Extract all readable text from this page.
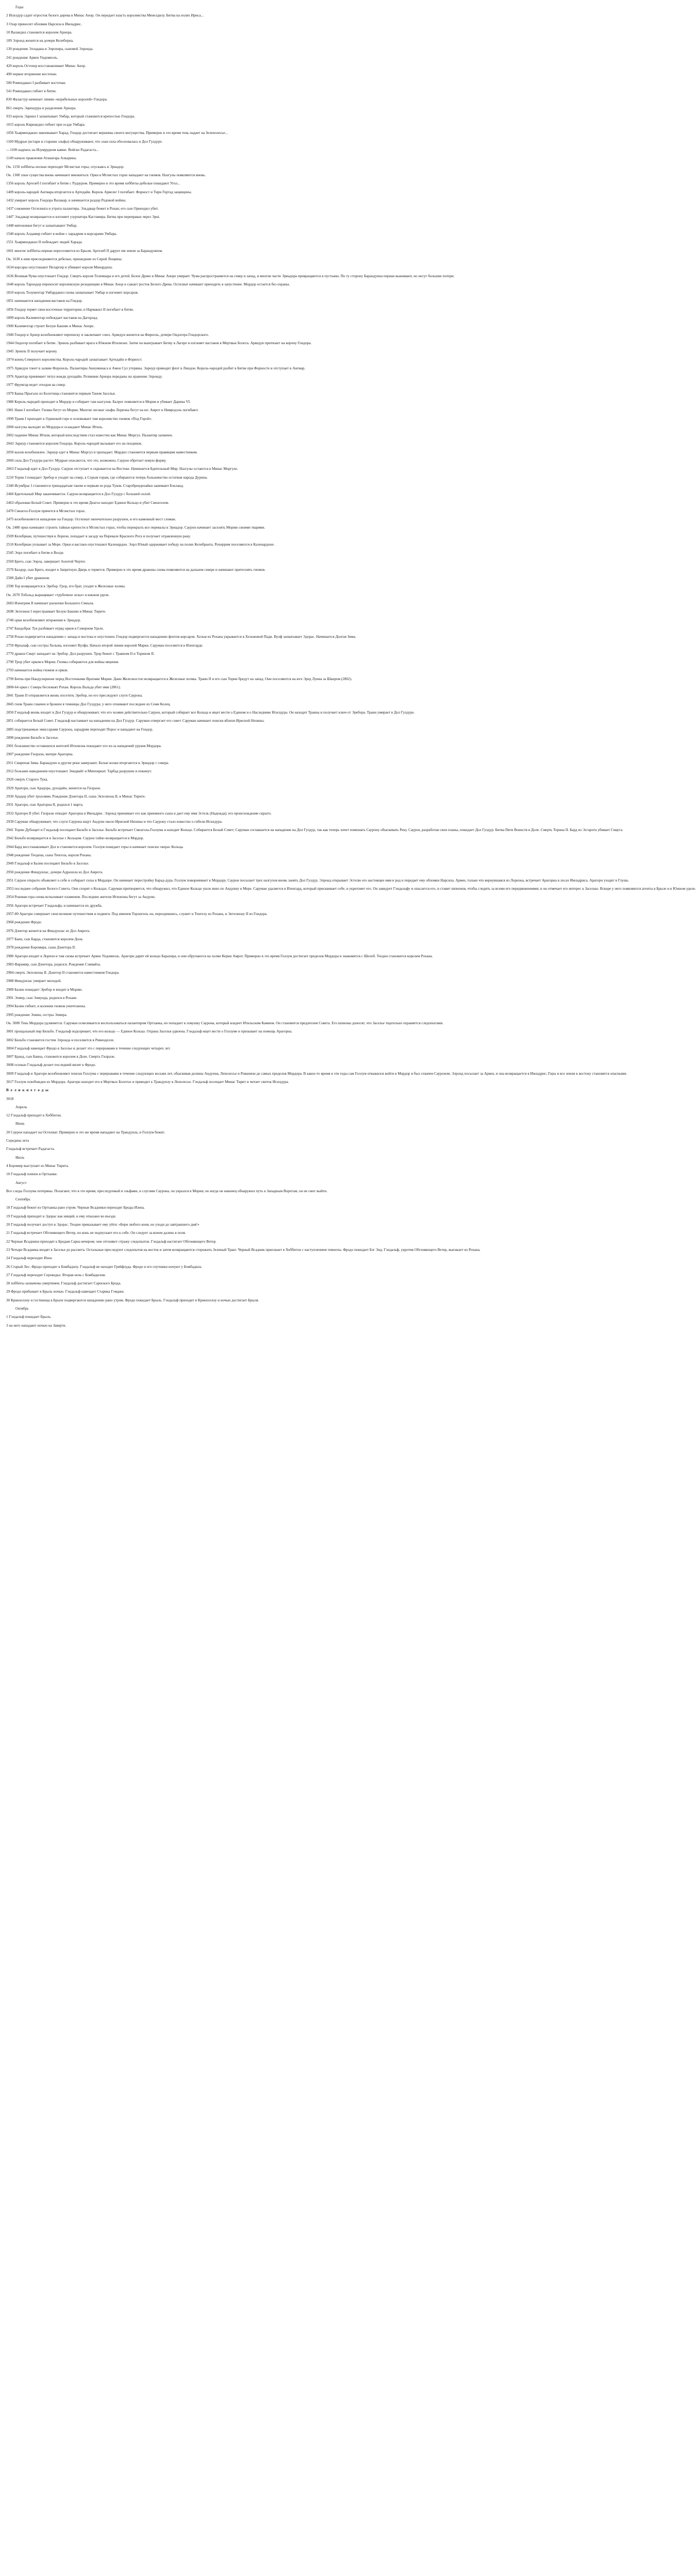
Годы
2 Исилдур садит отросток белого дерева в Минас Анор. Он передает власть королевства Менелдилу. Битва на полях Ириса...
3 Охар приносит обломки Нарсила в Имладрис.
10 Валандил становится королем Арнора.
109 Элронд женится на дочери Келеборна.
130 рождение Элладана и Элрохира, сыновей Элронда.
241 рождение Арвен Ундомиэль.
420 король Остохер восстанавливает Минас Анор.
490 первое вторжение восточан.
500 Ромендакил I разбивает восточан.
541 Ромендакил гибнет в битве.
830 Фаластур начинает линию «корабельных королей» Гондора.
861 смерть Эарендура и разделение Арнора.
933 король Эарнил I захватывает Умбар, который становится крепостью Гондора.
1015 король Кириандил гибнет при осаде Умбара.
1050 Хьярмендакил завоевывает Харад. Гондор достигает вершины своего могущества. Примерно в это время тень падает на Зеленолесье...
1100 Мудрые (истари и старшие эльфы) обнаруживают, что злая сила обосновалась в Дол Гулдуре.
—1100 надпись на Изумрудном камне. Войско Радагаста...
1149 начало правления Атанатара Алкарина.
Ок. 1150 хоббиты-лесные переходят Мглистые горы, спускаясь в Эриадор.
Ок. 1300 злые существа вновь начинают множиться. Орки в Мглистых горах нападают на гномов. Назгулы появляются вновь.
1356 король Аргелеб I погибает в битве с Рудауром. Примерно в это время хоббиты-дебелые покидают Угол...
1409 король-чародей Ангмара вторгается в Артедайн. Король Арвелег I погибает. Форност и Тирн Гортад защищены.
1432 умирает король Гондора Валакар, и начинается раздор Родовой войны.
1437 сожжение Осгилиата и утрата палантира. Эльдакар бежит в Рохан; его сын Орнендил убит.
1447 Эльдакар возвращается и изгоняет узурпатора Кастамира. Битва при переправах через Эрui.
1448 мятежники бегут и захватывают Умбар.
1540 король Алдамир гибнет в войне с харадрим и корсарами Умбара.
1551 Хьярмендакил II побеждает людей Харада.
1601 многие хоббиты-периан переселяются из Брыля; Аргелеб II дарует им земли за Барандуином.
Ок. 1630 к ним присоединяются дебелые, пришедшие из Сирой Лощины.
1634 корсары опустошают Пеларгир и убивают короля Минардила.
1636 Великая Чума опустошает Гондор. Смерть короля Телемнара и его детей. Белое Древо в Минас Аноре умирает. Чума распространяется на север и запад, и многие части Эриадора превращаются в пустыню. По ту сторону Барандуина периан выживают, но несут большие потери.
1640 король Тарондор переносит королевскую резиденцию в Минас Анор и сажает росток Белого Древа. Осгилиат начинает приходить в запустение. Мордор остается без охраны.
1810 король Телумехтар Умбардакил снова захватывает Умбар и изгоняет корсаров.
1851 начинаются нападения вастаков на Гондор.
1856 Гондор теряет свои восточные территории, и Нармакил II погибает в битве.
1899 король Калимехтар побеждает вастаков на Дагорлад.
1900 Калимехтар строит Белую Башню в Минас Аноре.
1940 Гондор и Арнор возобновляют переписку и заключают союз. Арведуи женится на Фириэль, дочери Ондогера Гондорского.
1944 Ондогер погибает в битве. Эрниль разбивает врага в Южном Итилиэне. Затем он выигрывает Битву в Лагере и изгоняет вастаков в Мертвые Болота. Арведуи притязает на корону Гондора.
1945 Эрниль II получает корону.
1974 конец Северного королевства. Король-чародей захватывает Артедайн и Форност.
1975 Арведуи тонет в заливе Форохель. Палантиры Аннуминаса и Амон Сул утеряны. Эарнур приводит флот в Линдон. Король-чародей разбит в Битве при Форносте и отступает в Ангмар.
1976 Арантар принимает титул вождя дунэдайн. Реликвии Арнора переданы на хранение Элронду.
1977 Фрумгар ведет этеодов на север.
1979 Бакка Прыгало из Болотища становится первым Таном Заселья.
1980 Король-чародей приходит в Мордор и собирает там назгулов. Балрог появляется в Мории и убивает Дарина VI.
1981 Наин I погибает. Гномы бегут из Мории. Многие лесные эльфы Лориэна бегут на юг. Амрот и Нимродэль погибают.
1999 Траин I приходит к Одинокой горе и основывает там королевство гномов «Под Горой».
2000 назгулы выходят из Мордора и осаждают Минас Итиль.
2002 падение Минас Итиля, который впоследствии стал известен как Минас Моргул. Палантир захвачен.
2043 Эарнур становится королем Гондора. Король-чародей вызывает его на поединок.
2050 вызов возобновлен. Эарнур едет в Минас Моргул и пропадает. Мардил становится первым правящим наместником.
2060 сила Дол Гулдура растет. Мудрые опасаются, что это, возможно, Саурон обретает новую форму.
2063 Гэндальф идет в Дол Гулдур. Саурон отступает и скрывается на Востоке. Начинается Бдительный Мир. Назгулы остаются в Минас Моргуле.
2210 Торин I покидает Эребор и уходит на север, к Серым горам, где собираются теперь большинство остатков народа Дурина.
2340 Исумбрас I становится тринадцатым таном и первым из рода Туков. Старобрендизайки занимают Бэкланд.
2460 Бдительный Мир заканчивается. Саурон возвращается в Дол Гулдур с большей силой.
2463 образован Белый Совет. Примерно в это время Деагол находит Единое Кольцо и убит Смеаголом.
2470 Смеагол-Голлум прячется в Мглистых горах.
2475 возобновляется нападение на Гондор. Осгилиат окончательно разрушен, и его каменный мост сломан.
Ок. 2480 орки начинают строить тайные крепости в Мглистых горах, чтобы перекрыть все перевалы в Эриадор. Саурон начинает заселять Морию своими тварями.
2509 Келебриан, путешествуя в Лориэн, попадает в засаду на Перевале Красного Рога и получает отравленную рану.
2510 Келебриан уплывает за Море. Орки и вастаки опустошают Каленардон. Эорл Юный одерживает победу на полях Келебранта. Рохиррим поселяются в Каленардоне.
2545 Эорл погибает в битве в Волде.
2569 Брего, сын Эорла, завершает Золотой Чертог.
2570 Балдор, сын Брего, входит в Запретную Дверь и теряется. Примерно в это время драконы снова появляются на дальнем севере и начинают притеснять гномов.
2589 Дайн I убит драконом.
2590 Тор возвращается в Эребор. Грор, его брат, уходит в Железные холмы.
Ок. 2670 Тобольд выращивает «трубочное зелье» в южном уделе.
2683 Изенгрим II начинает раскопки Большого Смиала.
2698 Эктелион I перестраивает Белую Башню в Минас Тирите.
2740 орки возобновляют вторжения в Эриадор.
2747 Бандобрас Тук разбивает отряд орков в Северном Уделе.
2758 Рохан подвергается нападению с запада и востока и опустошен. Гондор подвергается нападению флотов корсаров. Хельм из Рохана укрывается в Хельмовой Пади. Вулф захватывает Эдорас. Начинается Долгая Зима.
2759 Фреалаф, сын сестры Хельма, изгоняет Вулфа. Начало второй линии королей Марки. Саруман поселяется в Изенгарде.
2770 дракон Смауг нападает на Эребор. Дол разрушен. Трор бежит с Траином II и Торином II.
2790 Трор убит орком в Мории. Гномы собираются для войны мщения.
2793 начинается война гномов и орков.
2799 Битва при Нандухирионе перед Восточными Вратами Мории. Даин Железностоп возвращается в Железные холмы. Траин II и его сын Торин бредут на запад. Они поселяются на юге Эред Луина за Шаиром (2802).
2800-64 орки с Севера беспокоят Рохан. Король Вальда убит ими (2861).
2841 Траин II отправляется вновь посетить Эребор, но его преследуют слуги Саурона.
2845 гном Траин схвачен и брошен в темницы Дол Гулдура; у него отнимают последнее из Семи Колец.
2850 Гэндальф вновь входит в Дол Гулдур и обнаруживает, что его хозяин действительно Саурон, который собирает все Кольца и ищет вести о Едином и о Наследнике Исилдура. Он находит Траина и получает ключ от Эребора. Траин умирает в Дол Гулдуре.
2851 собирается Белый Совет. Гэндальф настаивает на нападении на Дол Гулдур. Саруман отвергает его совет. Саруман начинает поиски вблизи Ирисной Низины.
2885 подстрекаемые эмиссарами Саурона, харадрим переходят Порос и нападают на Гондор.
2890 рождение Бильбо в Заселье.
2901 большинство оставшихся жителей Итилиэна покидают его из-за нападений уруков Мордора.
2907 рождение Гилраэн, матери Арагорна.
2911 Свирепая Зима. Барандуин и другие реки замерзают. Белые волки вторгаются в Эриадор с севера.
2912 большие наводнения опустошают Энедвайт и Минхириат. Тарбад разрушен и покинут.
2920 смерть Старого Тука.
2929 Араторн, сын Арадора, дунэдайн, женится на Гилраэн.
2930 Арадор убит троллями. Рождение Дэнетора II, сына Эктелиона II, в Минас Тирите.
2931 Арагорн, сын Араторна II, родился 1 марта.
2933 Араторн II убит. Гилраэн отводит Арагорна в Имладрис. Элронд принимает его как приемного сына и дает ему имя Эстель (Надежда); его происхождение скрыто.
2939 Саруман обнаруживает, что слуги Саурона ищут Андуин около Ирисной Низины и что Саурону стало известно о гибели Исилдура.
2941 Торин Дубощит и Гэндальф посещают Бильбо в Заселье. Бильбо встречает Смеагола-Голлума и находит Кольцо. Собирается Белый Совет; Саруман соглашается на нападение на Дол Гулдур, так как теперь хочет помешать Саурону обыскивать Реку. Саурон, разработав свои планы, покидает Дол Гулдур. Битва Пяти Воинств в Доле. Смерть Торина II. Бард из Эсгарота убивает Смауга.
2942 Бильбо возвращается в Заселье с Кольцом. Саурон тайно возвращается в Мордор.
2944 Бард восстанавливает Дол и становится королем. Голлум покидает горы и начинает поиски «вора» Кольца.
2948 рождение Теодена, сына Тенгела, короля Рохана.
2949 Гэндальф и Балин посещают Бильбо в Заселье.
2950 рождение Финдуилас, дочери Адрахила из Дол Амрота.
2951 Саурон открыто объявляет о себе и собирает силы в Мордоре. Он начинает перестройку Барад-дура. Голлум поворачивает к Мордору. Саурон посылает трех назгулов вновь занять Дол Гулдур. Элронд открывает Эстелю его настоящее имя и род и передает ему обломки Нарсила. Арвен, только что вернувшаяся из Лориэна, встречает Арагорна в лесах Имладриса. Арагорн уходит в Глушь.
2953 последнее собрание Белого Совета. Они спорят о Кольцах. Саруман притворяется, что обнаружил, что Единое Кольцо ушло вниз по Андуину в Море. Саруман удаляется в Изенгард, который присваивает себе, и укрепляет его. Он завидует Гэндальфу и опасается его, и ставит шпионов, чтобы следить за всеми его передвижениями; и он отмечает его интерес к Заселью. Вскоре у него появляются агенты в Брыле и в Южном уделе.
2954 Роковая гора снова вспыхивает пламенем. Последние жители Итилиэна бегут за Андуин.
2956 Арагорн встречает Гэндальфа, и начинается их дружба.
2957-80 Арагорн совершает свои великие путешествия и подвиги. Под именем Торонгиль он, переодевшись, служит и Тенгелу из Рохана, и Эктелиону II из Гондора.
2968 рождение Фродо.
2976 Дэнетор женится на Финдуилас из Дол Амрота.
2977 Баин, сын Барда, становится королем Дола.
2978 рождение Боромира, сына Дэнетора II.
2980 Арагорн входит в Лориэн и там снова встречает Арвен Ундомиэль. Арагорн дарит ей кольцо Барахира, и они обручаются на холме Керин Амрот. Примерно в это время Голлум достигает пределов Мордора и знакомится с Шелоб. Теоден становится королем Рохана.
2983 Фарамир, сын Дэнетора, родился. Рождение Сэмвайза.
2984 смерть Эктелиона II. Дэнетор II становится наместником Гондора.
2988 Финдуилас умирает молодой.
2989 Балин покидает Эребор и входит в Морию.
2991 Эомер, сын Эомунда, родился в Рохане.
2994 Балин гибнет, и колония гномов уничтожена.
2995 рождение Эовин, сестры Эомера.
Ок. 3000 Тень Мордора удлиняется. Саруман осмеливается воспользоваться палантиром Ортханка, но попадает в ловушку Саурона, который владеет Итильским Камнем. Он становится предателем Совета. Его шпионы доносят, что Заселье тщательно охраняется следопытами.
3001 прощальный пир Бильбо. Гэндальф подозревает, что его кольцо — Единое Кольцо. Охрана Заселья удвоена. Гэндальф ищет вести о Голлуме и призывает на помощь Арагорна.
3002 Бильбо становится гостем Элронда и поселяется в Ривенделле.
3004 Гэндальф навещает Фродо в Заселье и делает это с перерывами в течение следующих четырех лет.
3007 Бранд, сын Баина, становится королем в Доле. Смерть Гилраэн.
3008 осенью Гэндальф делает последний визит к Фродо.
3009 Гэндальф и Арагорн возобновляют поиски Голлума с перерывами в течение следующих восьми лет, обыскивая долины Андуина, Лихолесье и Рованион до самых пределов Мордора. В какое-то время в эти годы сам Голлум отважился войти в Мордор и был схвачен Сауроном. Элронд посылает за Арвен, и она возвращается в Имладрис; Горы и все земли к востоку становятся опасными.
3017 Голлум освобожден из Мордора. Арагорн находит его в Мертвых Болотах и приводит к Трандуилу в Лихолесье. Гэндальф посещает Минас Тирит и читает свиток Исилдура.
В е л и к и е г о д ы
3018
Апрель
12 Гэндальф приходит в Хоббитон.
Июнь
20 Саурон нападает на Осгилиат. Примерно в это же время нападают на Трандуила, и Голлум бежит.
Середина лета
Гэндальф встречает Радагаста.
Июль
4 Боромир выступает из Минас Тирита.
10 Гэндальф пленен в Ортханке.
Август
Все следы Голлума потеряны. Полагают, что в это время, преследуемый и эльфами, и слугами Саурона, он укрылся в Мории; но когда он наконец обнаружил путь к Западным Воротам, он не смог выйти.
Сентябрь
18 Гэндальф бежит из Ортханка рано утром. Черные Всадники переходят Броды Изена.
19 Гэндальф приходит в Эдорас как нищий, и ему отказано во въезде.
20 Гэндальф получает доступ в Эдорас. Теоден приказывает ему уйти: «Бери любого коня, но уходи до завтрашнего дня!»
21 Гэндальф встречает Обгоняющего Ветер, но конь не подпускает его к себе. Он следует за конем далеко в поля.
22 Черные Всадники приходят к Бродам Сарна вечером; они отгоняют стражу следопытов. Гэндальф настигает Обгоняющего Ветер.
23 Четыре Всадника входят в Заселье до рассвета. Остальные преследуют следопытов на восток и затем возвращаются сторожить Зеленый Тракт. Черный Всадник приезжает в Хоббитон с наступлением темноты. Фродо покидает Бэг Энд. Гэндальф, укротив Обгоняющего Ветер, выезжает из Рохана.
24 Гэндальф переходит Изен.
26 Старый Лес. Фродо приходит к Бомбадилу. Гэндальф не находит Грейфлуда. Фродо и его спутники ночуют у Бомбадила.
27 Гэндальф переходит Сероводье. Вторая ночь с Бомбадилом.
28 хоббиты захвачены умертвием. Гэндальф достигает Сарнского Брода.
29 Фродо прибывает в Брыль ночью. Гэндальф навещает Старика Гэмджи.
30 Крикхоллоу и гостиница в Брыле подвергаются нападению рано утром. Фродо покидает Брыль. Гэндальф приходит в Крикхоллоу и ночью достигает Брыля.
Октябрь
1 Гэндальф покидает Брыль.
3 на него нападают ночью на Заверти.
